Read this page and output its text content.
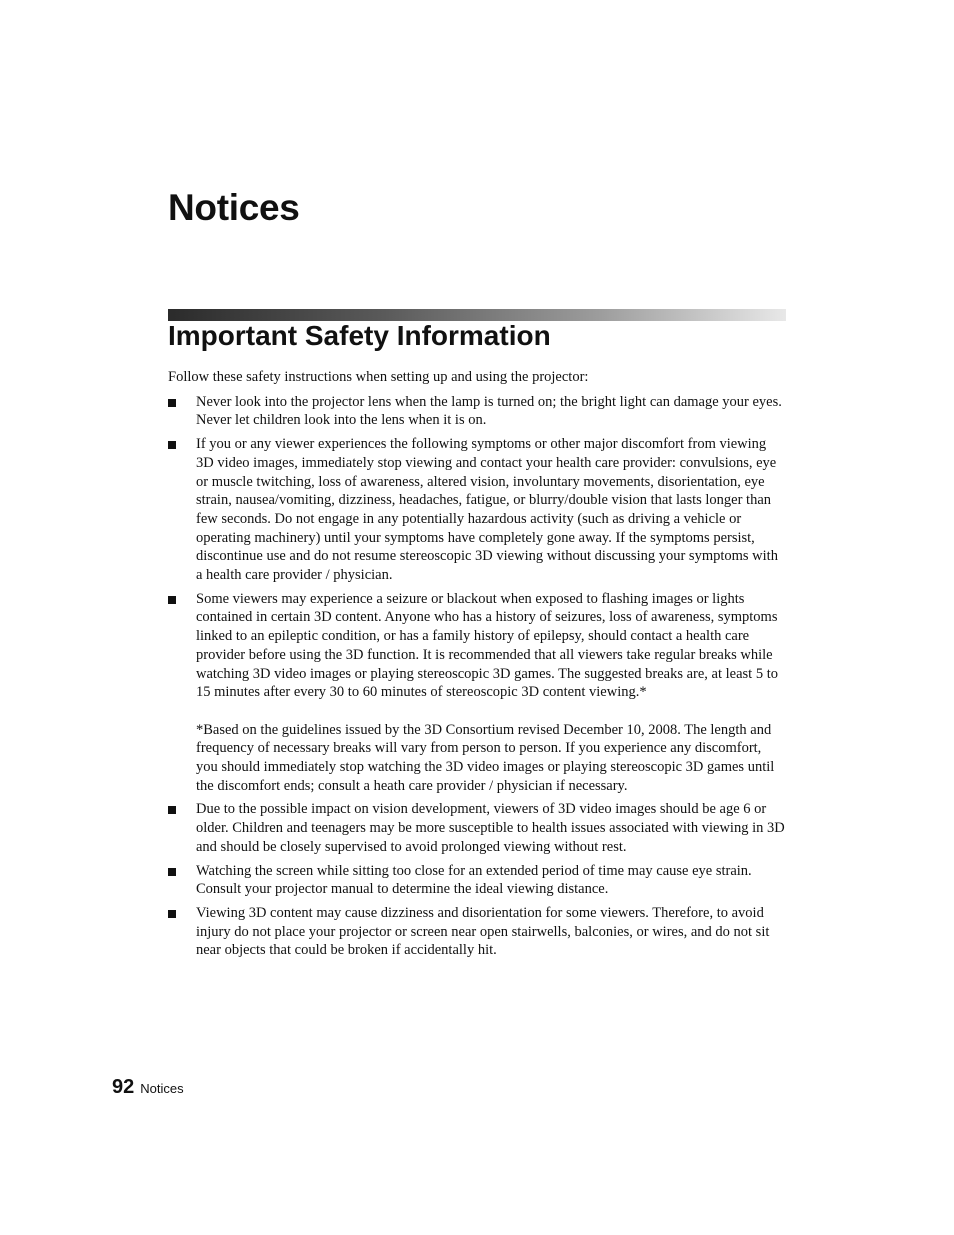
Notices
Important Safety Information

Follow these safety instructions when setting up and using the projector:

Never look into the projector lens when the lamp is turned on; the bright light can damage your eyes. Never let children look into the lens when it is on.

If you or any viewer experiences the following symptoms or other major discomfort from viewing 3D video images, immediately stop viewing and contact your health care provider: convulsions, eye or muscle twitching, loss of awareness, altered vision, involuntary movements, disorientation, eye strain, nausea/vomiting, dizziness, headaches, fatigue, or blurry/double vision that lasts longer than few seconds. Do not engage in any potentially hazardous activity (such as driving a vehicle or operating machinery) until your symptoms have completely gone away. If the symptoms persist, discontinue use and do not resume stereoscopic 3D viewing without discussing your symptoms with a health care provider / physician.

Some viewers may experience a seizure or blackout when exposed to flashing images or lights contained in certain 3D content. Anyone who has a history of seizures, loss of awareness, symptoms linked to an epileptic condition, or has a family history of epilepsy, should contact a health care provider before using the 3D function. It is recommended that all viewers take regular breaks while watching 3D video images or playing stereoscopic 3D games. The suggested breaks are, at least 5 to 15 minutes after every 30 to 60 minutes of stereoscopic 3D content viewing.*

*Based on the guidelines issued by the 3D Consortium revised December 10, 2008. The length and frequency of necessary breaks will vary from person to person. If you experience any discomfort, you should immediately stop watching the 3D video images or playing stereoscopic 3D games until the discomfort ends; consult a heath care provider / physician if necessary.

Due to the possible impact on vision development, viewers of 3D video images should be age 6 or older. Children and teenagers may be more susceptible to health issues associated with viewing in 3D and should be closely supervised to avoid prolonged viewing without rest.

Watching the screen while sitting too close for an extended period of time may cause eye strain. Consult your projector manual to determine the ideal viewing distance.

Viewing 3D content may cause dizziness and disorientation for some viewers. Therefore, to avoid injury do not place your projector or screen near open stairwells, balconies, or wires, and do not sit near objects that could be broken if accidentally hit.

92 Notices
